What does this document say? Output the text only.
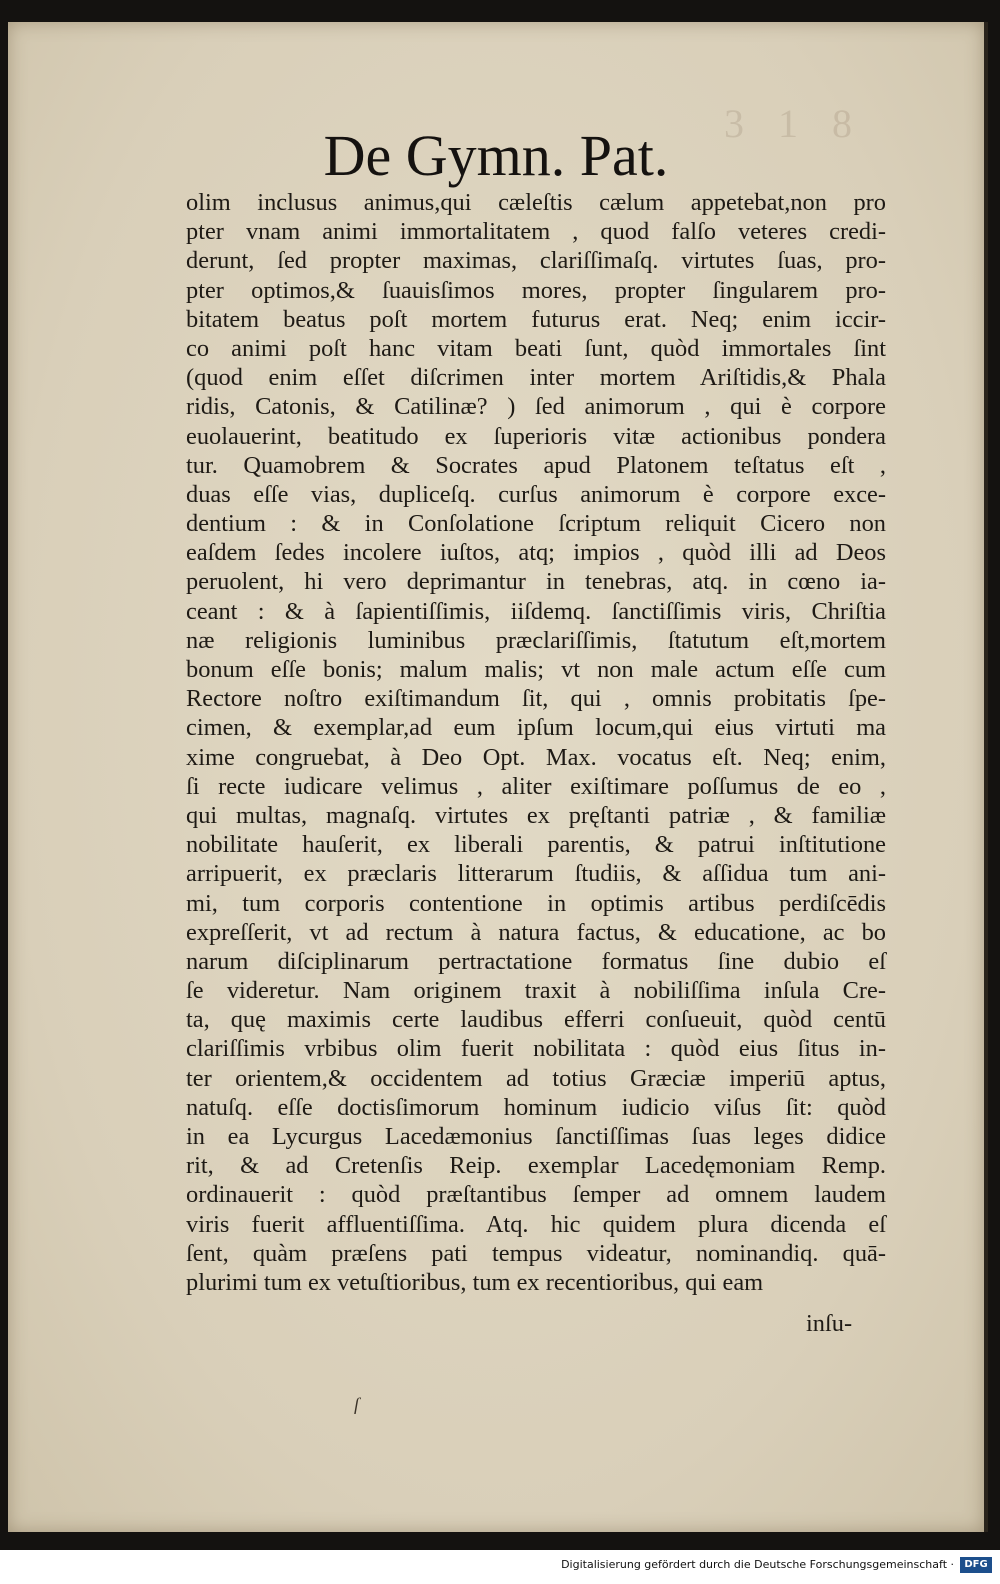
3 1 8
De Gymn. Pat.
olim inclusus animus,qui cæleſtis cælum appetebat,non pro
pter vnam animi immortalitatem , quod falſo veteres credi-
derunt, ſed propter maximas, clariſſimaſq. virtutes ſuas, pro-
pter optimos,& ſuauisſimos mores, propter ſingularem pro-
bitatem beatus poſt mortem futurus erat. Neq; enim iccir-
co animi poſt hanc vitam beati ſunt, quòd immortales ſint
(quod enim eſſet diſcrimen inter mortem Ariſtidis,& Phala
ridis, Catonis, & Catilinæ? ) ſed animorum , qui è corpore
euolauerint, beatitudo ex ſuperioris vitæ actionibus pondera
tur. Quamobrem & Socrates apud Platonem teſtatus eſt ,
duas eſſe vias, dupliceſq. curſus animorum è corpore exce-
dentium : & in Conſolatione ſcriptum reliquit Cicero non
eaſdem ſedes incolere iuſtos, atq; impios , quòd illi ad Deos
peruolent, hi vero deprimantur in tenebras, atq. in cœno ia-
ceant : & à ſapientiſſimis, iiſdemq. ſanctiſſimis viris, Chriſtia
næ religionis luminibus præclariſſimis, ſtatutum eſt,mortem
bonum eſſe bonis; malum malis; vt non male actum eſſe cum
Rectore noſtro exiſtimandum ſit, qui , omnis probitatis ſpe-
cimen, & exemplar,ad eum ipſum locum,qui eius virtuti ma
xime congruebat, à Deo Opt. Max. vocatus eſt. Neq; enim,
ſi recte iudicare velimus , aliter exiſtimare poſſumus de eo ,
qui multas, magnaſq. virtutes ex pręſtanti patriæ , & familiæ
nobilitate hauſerit, ex liberali parentis, & patrui inſtitutione
arripuerit, ex præclaris litterarum ſtudiis, & aſſidua tum ani-
mi, tum corporis contentione in optimis artibus perdiſcēdis
expreſſerit, vt ad rectum à natura factus, & educatione, ac bo
narum diſciplinarum pertractatione formatus ſine dubio eſ
ſe videretur. Nam originem traxit à nobiliſſima inſula Cre-
ta, quę maximis certe laudibus efferri conſueuit, quòd centū
clariſſimis vrbibus olim fuerit nobilitata : quòd eius ſitus in-
ter orientem,& occidentem ad totius Græciæ imperiū aptus,
natuſq. eſſe doctisſimorum hominum iudicio viſus ſit: quòd
in ea Lycurgus Lacedæmonius ſanctiſſimas ſuas leges didice
rit, & ad Cretenſis Reip. exemplar Lacedęmoniam Remp.
ordinauerit : quòd præſtantibus ſemper ad omnem laudem
viris fuerit affluentiſſima. Atq. hic quidem plura dicenda eſ
ſent, quàm præſens pati tempus videatur, nominandiq. quā-
plurimi tum ex vetuſtioribus, tum ex recentioribus, qui eam
inſu-
ſ
Digitalisierung gefördert durch die Deutsche Forschungsgemeinschaft ·	DFG
